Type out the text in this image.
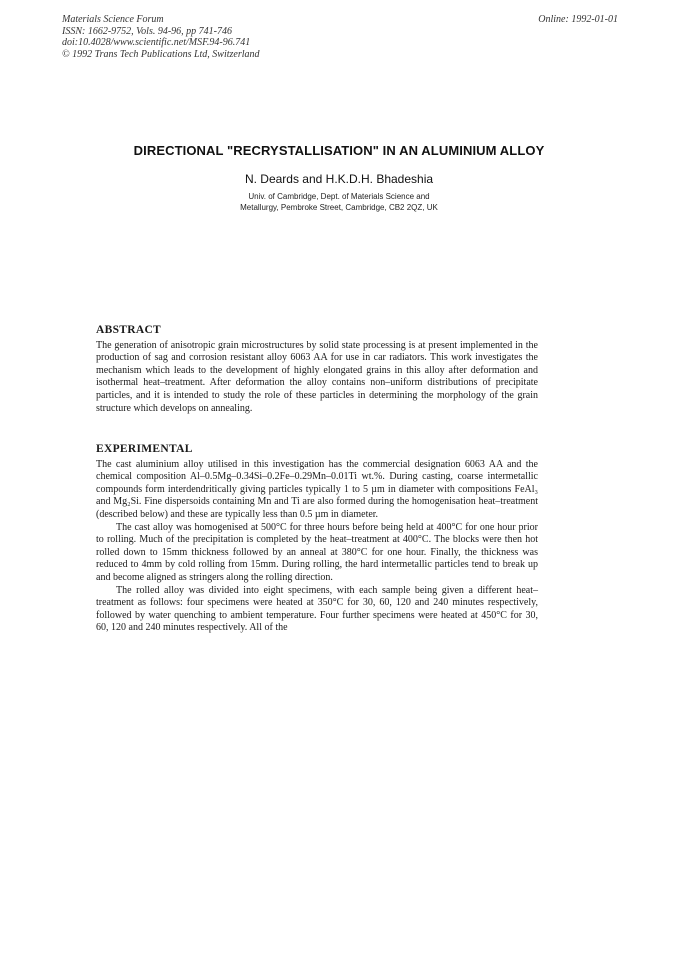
Materials Science Forum
ISSN: 1662-9752, Vols. 94-96, pp 741-746
doi:10.4028/www.scientific.net/MSF.94-96.741
© 1992 Trans Tech Publications Ltd, Switzerland
Online: 1992-01-01
DIRECTIONAL "RECRYSTALLISATION" IN AN ALUMINIUM ALLOY
N. Deards and H.K.D.H. Bhadeshia
Univ. of Cambridge, Dept. of Materials Science and
Metallurgy, Pembroke Street, Cambridge, CB2 2QZ, UK
ABSTRACT

The generation of anisotropic grain microstructures by solid state processing is at present implemented in the production of sag and corrosion resistant alloy 6063 AA for use in car radiators. This work investigates the mechanism which leads to the development of highly elongated grains in this alloy after deformation and isothermal heat–treatment. After deformation the alloy contains non–uniform distributions of precipitate particles, and it is intended to study the role of these particles in determining the morphology of the grain structure which develops on annealing.

EXPERIMENTAL

The cast aluminium alloy utilised in this investigation has the commercial designation 6063 AA and the chemical composition Al–0.5Mg–0.34Si–0.2Fe–0.29Mn–0.01Ti wt.%. During casting, coarse intermetallic compounds form interdendritically giving particles typically 1 to 5 µm in diameter with compositions FeAl₃ and Mg₂Si. Fine dispersoids containing Mn and Ti are also formed during the homogenisation heat–treatment (described below) and these are typically less than 0.5 µm in diameter.

The cast alloy was homogenised at 500°C for three hours before being held at 400°C for one hour prior to rolling. Much of the precipitation is completed by the heat–treatment at 400°C. The blocks were then hot rolled down to 15mm thickness followed by an anneal at 380°C for one hour. Finally, the thickness was reduced to 4mm by cold rolling from 15mm. During rolling, the hard intermetallic particles tend to break up and become aligned as stringers along the rolling direction.

The rolled alloy was divided into eight specimens, with each sample being given a different heat–treatment as follows: four specimens were heated at 350°C for 30, 60, 120 and 240 minutes respectively, followed by water quenching to ambient temperature. Four further specimens were heated at 450°C for 30, 60, 120 and 240 minutes respectively. All of the
